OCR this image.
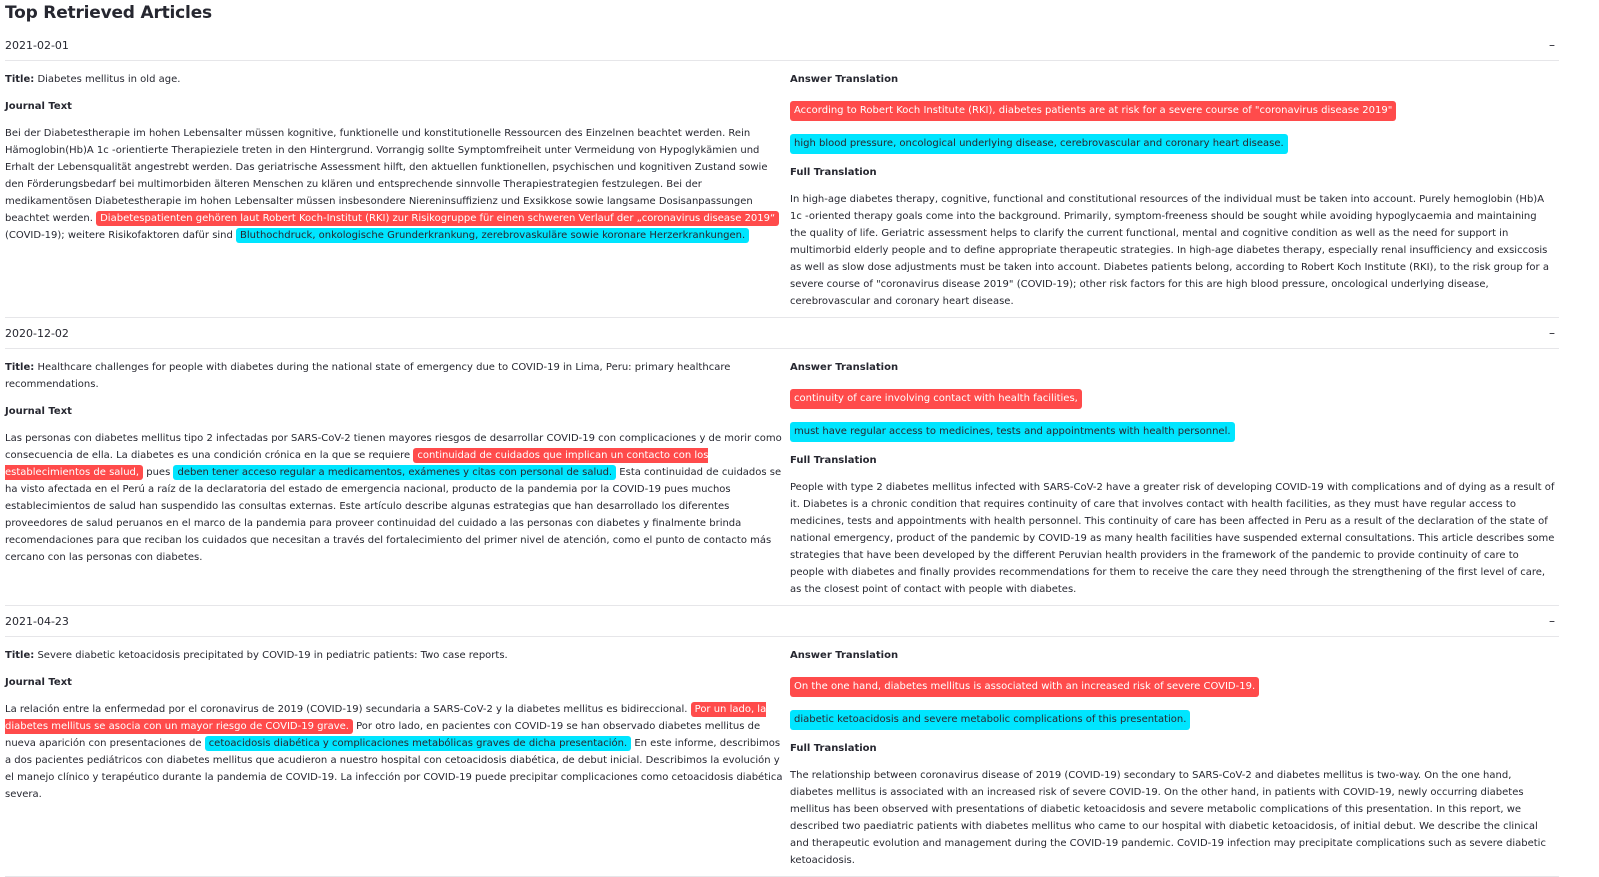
Top Retrieved Articles
2021-02-01	–

Title: Diabetes mellitus in old age.

Journal Text

Bei der Diabetestherapie im hohen Lebensalter müssen kognitive, funktionelle und konstitutionelle Ressourcen des Einzelnen beachtet werden. Rein Hämoglobin(Hb)A 1c -orientierte Therapieziele treten in den Hintergrund. Vorrangig sollte Symptomfreiheit unter Vermeidung von Hypoglykämien und Erhalt der Lebensqualität angestrebt werden. Das geriatrische Assessment hilft, den aktuellen funktionellen, psychischen und kognitiven Zustand sowie den Förderungsbedarf bei multimorbiden älteren Menschen zu klären und entsprechende sinnvolle Therapiestrategien festzulegen. Bei der medikamentösen Diabetestherapie im hohen Lebensalter müssen insbesondere Niereninsuffizienz und Exsikkose sowie langsame Dosisanpassungen beachtet werden. Diabetespatienten gehören laut Robert Koch-Institut (RKI) zur Risikogruppe für einen schweren Verlauf der „coronavirus disease 2019“ (COVID-19); weitere Risikofaktoren dafür sind Bluthochdruck, onkologische Grunderkrankung, zerebrovaskuläre sowie koronare Herzerkrankungen.

Answer Translation

According to Robert Koch Institute (RKI), diabetes patients are at risk for a severe course of "coronavirus disease 2019"
high blood pressure, oncological underlying disease, cerebrovascular and coronary heart disease.

Full Translation

In high-age diabetes therapy, cognitive, functional and constitutional resources of the individual must be taken into account. Purely hemoglobin (Hb)A 1c -oriented therapy goals come into the background. Primarily, symptom-freeness should be sought while avoiding hypoglycaemia and maintaining the quality of life. Geriatric assessment helps to clarify the current functional, mental and cognitive condition as well as the need for support in multimorbid elderly people and to define appropriate therapeutic strategies. In high-age diabetes therapy, especially renal insufficiency and exsiccosis as well as slow dose adjustments must be taken into account. Diabetes patients belong, according to Robert Koch Institute (RKI), to the risk group for a severe course of "coronavirus disease 2019" (COVID-19); other risk factors for this are high blood pressure, oncological underlying disease, cerebrovascular and coronary heart disease.

2020-12-02	–

Title: Healthcare challenges for people with diabetes during the national state of emergency due to COVID-19 in Lima, Peru: primary healthcare recommendations.

Journal Text

Las personas con diabetes mellitus tipo 2 infectadas por SARS-CoV-2 tienen mayores riesgos de desarrollar COVID-19 con complicaciones y de morir como consecuencia de ella. La diabetes es una condición crónica en la que se requiere continuidad de cuidados que implican un contacto con los establecimientos de salud, pues deben tener acceso regular a medicamentos, exámenes y citas con personal de salud. Esta continuidad de cuidados se ha visto afectada en el Perú a raíz de la declaratoria del estado de emergencia nacional, producto de la pandemia por la COVID-19 pues muchos establecimientos de salud han suspendido las consultas externas. Este artículo describe algunas estrategias que han desarrollado los diferentes proveedores de salud peruanos en el marco de la pandemia para proveer continuidad del cuidado a las personas con diabetes y finalmente brinda recomendaciones para que reciban los cuidados que necesitan a través del fortalecimiento del primer nivel de atención, como el punto de contacto más cercano con las personas con diabetes.

Answer Translation

continuity of care involving contact with health facilities,
must have regular access to medicines, tests and appointments with health personnel.

Full Translation

People with type 2 diabetes mellitus infected with SARS-CoV-2 have a greater risk of developing COVID-19 with complications and of dying as a result of it. Diabetes is a chronic condition that requires continuity of care that involves contact with health facilities, as they must have regular access to medicines, tests and appointments with health personnel. This continuity of care has been affected in Peru as a result of the declaration of the state of national emergency, product of the pandemic by COVID-19 as many health facilities have suspended external consultations. This article describes some strategies that have been developed by the different Peruvian health providers in the framework of the pandemic to provide continuity of care to people with diabetes and finally provides recommendations for them to receive the care they need through the strengthening of the first level of care, as the closest point of contact with people with diabetes.

2021-04-23	–

Title: Severe diabetic ketoacidosis precipitated by COVID-19 in pediatric patients: Two case reports.

Journal Text

La relación entre la enfermedad por el coronavirus de 2019 (COVID-19) secundaria a SARS-CoV-2 y la diabetes mellitus es bidireccional. Por un lado, la diabetes mellitus se asocia con un mayor riesgo de COVID-19 grave. Por otro lado, en pacientes con COVID-19 se han observado diabetes mellitus de nueva aparición con presentaciones de cetoacidosis diabética y complicaciones metabólicas graves de dicha presentación. En este informe, describimos a dos pacientes pediátricos con diabetes mellitus que acudieron a nuestro hospital con cetoacidosis diabética, de debut inicial. Describimos la evolución y el manejo clínico y terapéutico durante la pandemia de COVID-19. La infección por COVID-19 puede precipitar complicaciones como cetoacidosis diabética severa.

Answer Translation

On the one hand, diabetes mellitus is associated with an increased risk of severe COVID-19.
diabetic ketoacidosis and severe metabolic complications of this presentation.

Full Translation

The relationship between coronavirus disease of 2019 (COVID-19) secondary to SARS-CoV-2 and diabetes mellitus is two-way. On the one hand, diabetes mellitus is associated with an increased risk of severe COVID-19. On the other hand, in patients with COVID-19, newly occurring diabetes mellitus has been observed with presentations of diabetic ketoacidosis and severe metabolic complications of this presentation. In this report, we described two paediatric patients with diabetes mellitus who came to our hospital with diabetic ketoacidosis, of initial debut. We describe the clinical and therapeutic evolution and management during the COVID-19 pandemic. CoVID-19 infection may precipitate complications such as severe diabetic ketoacidosis.
